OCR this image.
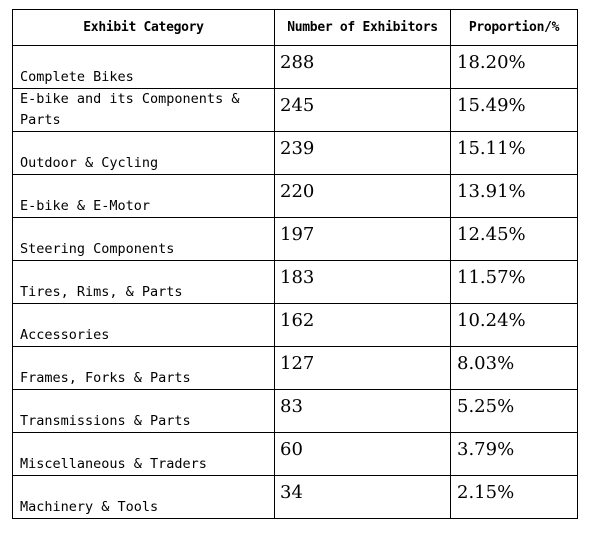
Exhibit Category	Number of Exhibitors	Proportion/%
Complete Bikes	288	18.20%
E-bike and its Components & Parts	245	15.49%
Outdoor & Cycling	239	15.11%
E-bike & E-Motor	220	13.91%
Steering Components	197	12.45%
Tires, Rims, & Parts	183	11.57%
Accessories	162	10.24%
Frames, Forks & Parts	127	8.03%
Transmissions & Parts	83	5.25%
Miscellaneous & Traders	60	3.79%
Machinery & Tools	34	2.15%
